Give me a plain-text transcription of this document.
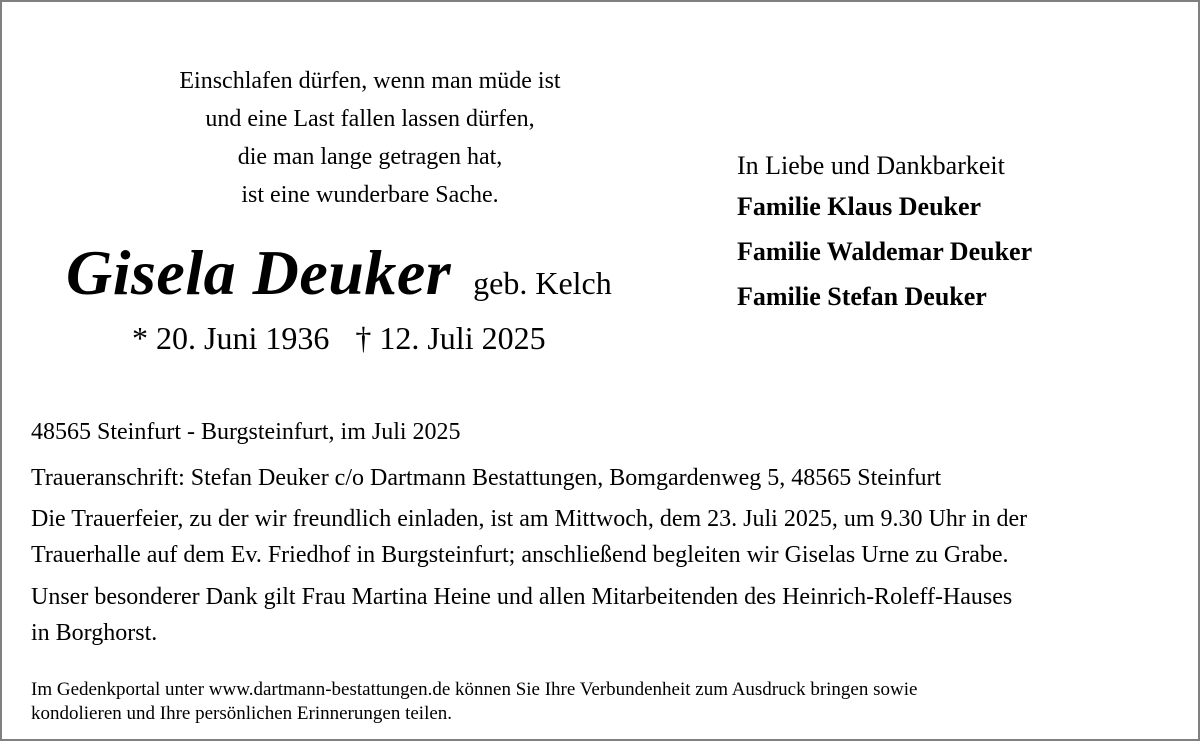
Einschlafen dürfen, wenn man müde ist
und eine Last fallen lassen dürfen,
die man lange getragen hat,
ist eine wunderbare Sache.
Gisela Deuker geb. Kelch
* 20. Juni 1936 † 12. Juli 2025
In Liebe und Dankbarkeit
Familie Klaus Deuker
Familie Waldemar Deuker
Familie Stefan Deuker

48565 Steinfurt - Burgsteinfurt, im Juli 2025

Traueranschrift: Stefan Deuker c/o Dartmann Bestattungen, Bomgardenweg 5, 48565 Steinfurt

Die Trauerfeier, zu der wir freundlich einladen, ist am Mittwoch, dem 23. Juli 2025, um 9.30 Uhr in der
Trauerhalle auf dem Ev. Friedhof in Burgsteinfurt; anschließend begleiten wir Giselas Urne zu Grabe.

Unser besonderer Dank gilt Frau Martina Heine und allen Mitarbeitenden des Heinrich-Roleff-Hauses
in Borghorst.

Im Gedenkportal unter www.dartmann-bestattungen.de können Sie Ihre Verbundenheit zum Ausdruck bringen sowie
kondolieren und Ihre persönlichen Erinnerungen teilen.
